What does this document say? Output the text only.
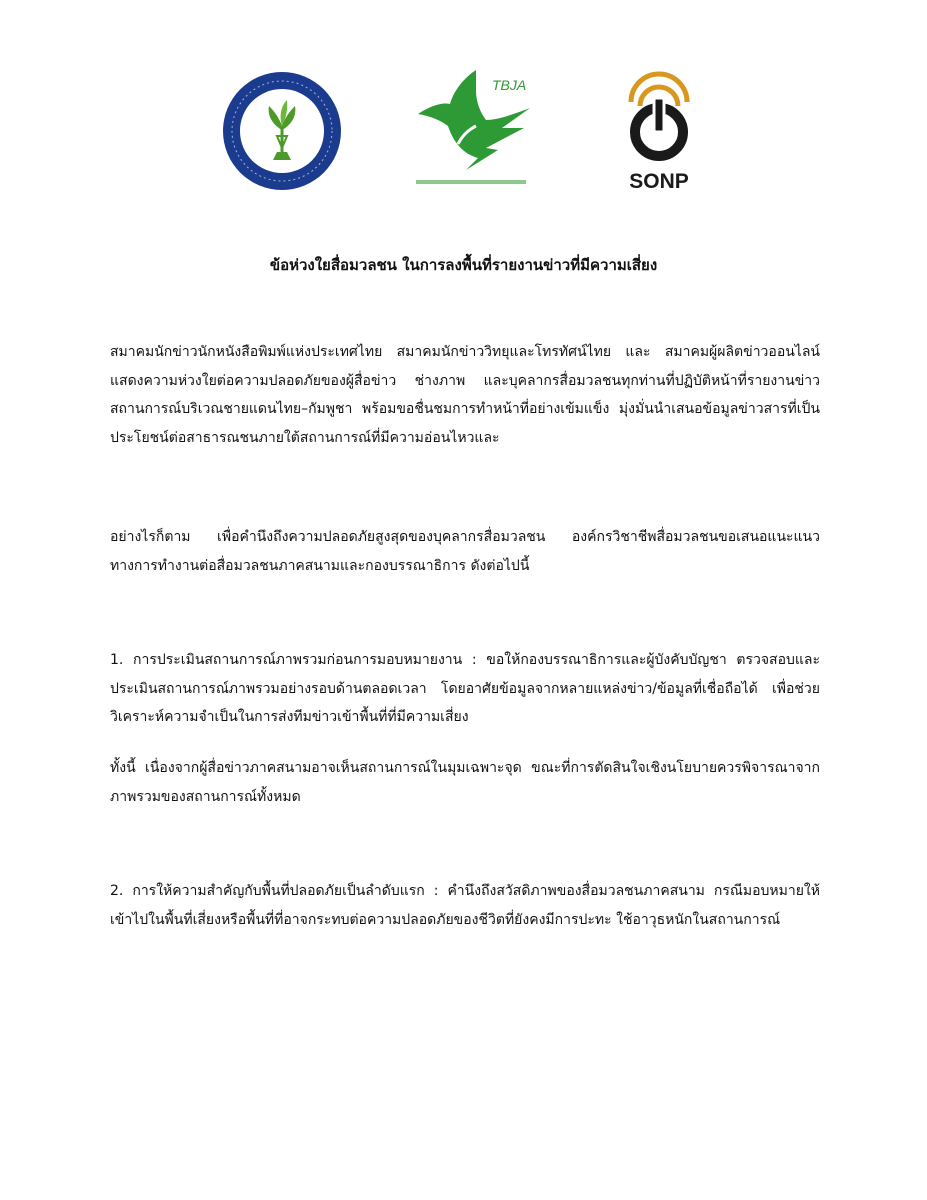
TBJA
SONP
ข้อห่วงใยสื่อมวลชน ในการลงพื้นที่รายงานข่าวที่มีความเสี่ยง

สมาคมนักข่าวนักหนังสือพิมพ์แห่งประเทศไทย สมาคมนักข่าววิทยุและโทรทัศน์ไทย และ สมาคมผู้ผลิตข่าวออนไลน์ แสดงความห่วงใยต่อความปลอดภัยของผู้สื่อข่าว ช่างภาพ และบุคลากรสื่อมวลชนทุกท่านที่ปฏิบัติหน้าที่รายงานข่าวสถานการณ์บริเวณชายแดนไทย–กัมพูชา พร้อมขอชื่นชมการทำหน้าที่อย่างเข้มแข็ง มุ่งมั่นนำเสนอข้อมูลข่าวสารที่เป็นประโยชน์ต่อสาธารณชนภายใต้สถานการณ์ที่มีความอ่อนไหวและ

อย่างไรก็ตาม เพื่อคำนึงถึงความปลอดภัยสูงสุดของบุคลากรสื่อมวลชน องค์กรวิชาชีพสื่อมวลชนขอเสนอแนะแนวทางการทำงานต่อสื่อมวลชนภาคสนามและกองบรรณาธิการ ดังต่อไปนี้

1. การประเมินสถานการณ์ภาพรวมก่อนการมอบหมายงาน : ขอให้กองบรรณาธิการและผู้บังคับบัญชา ตรวจสอบและประเมินสถานการณ์ภาพรวมอย่างรอบด้านตลอดเวลา โดยอาศัยข้อมูลจากหลายแหล่งข่าว/ข้อมูลที่เชื่อถือได้ เพื่อช่วยวิเคราะห์ความจำเป็นในการส่งทีมข่าวเข้าพื้นที่ที่มีความเสี่ยง

ทั้งนี้ เนื่องจากผู้สื่อข่าวภาคสนามอาจเห็นสถานการณ์ในมุมเฉพาะจุด ขณะที่การตัดสินใจเชิงนโยบายควรพิจารณาจากภาพรวมของสถานการณ์ทั้งหมด

2. การให้ความสำคัญกับพื้นที่ปลอดภัยเป็นลำดับแรก : คำนึงถึงสวัสดิภาพของสื่อมวลชนภาคสนาม กรณีมอบหมายให้เข้าไปในพื้นที่เสี่ยงหรือพื้นที่ที่อาจกระทบต่อความปลอดภัยของชีวิตที่ยังคงมีการปะทะ ใช้อาวุธหนักในสถานการณ์
